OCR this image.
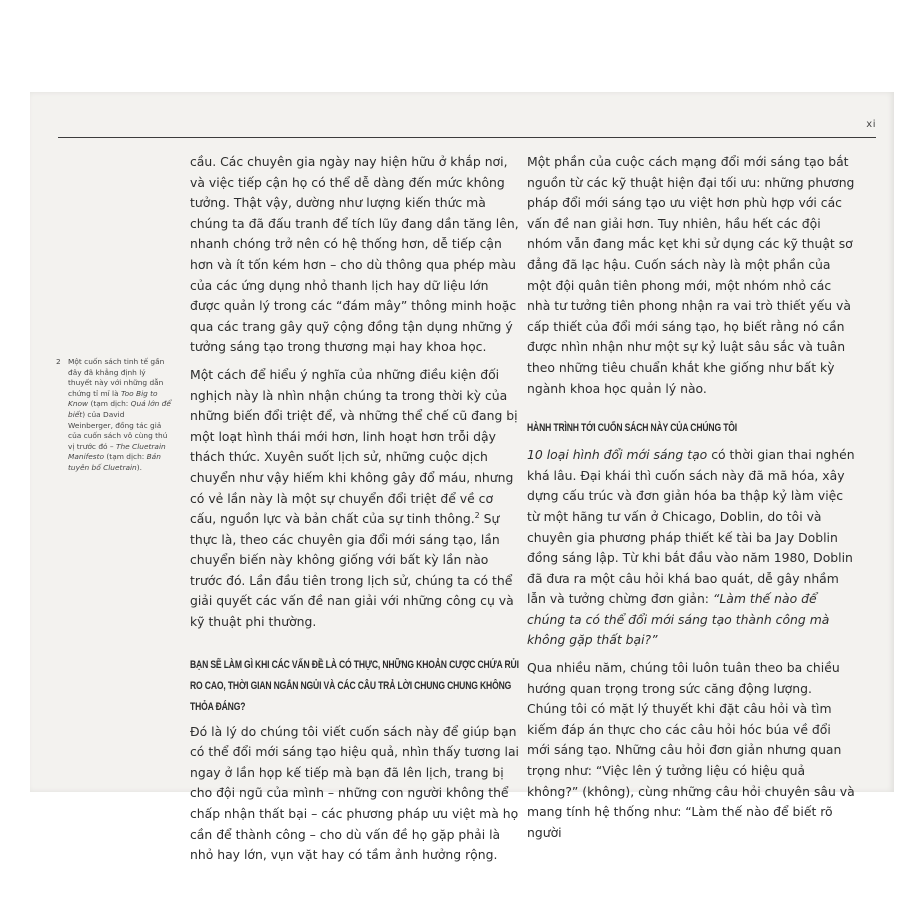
xi
2 Một cuốn sách tinh tế gần đây đã khẳng định lý thuyết này với những dẫn chứng tỉ mỉ là Too Big to Know (tạm dịch: Quá lớn để biết) của David Weinberger, đồng tác giả của cuốn sách vô cùng thú vị trước đó – The Cluetrain Manifesto (tạm dịch: Bản tuyên bố Cluetrain).

cầu. Các chuyên gia ngày nay hiện hữu ở khắp nơi, và việc tiếp cận họ có thể dễ dàng đến mức không tưởng. Thật vậy, dường như lượng kiến thức mà chúng ta đã đấu tranh để tích lũy đang dần tăng lên, nhanh chóng trở nên có hệ thống hơn, dễ tiếp cận hơn và ít tốn kém hơn – cho dù thông qua phép màu của các ứng dụng nhỏ thanh lịch hay dữ liệu lớn được quản lý trong các “đám mây” thông minh hoặc qua các trang gây quỹ cộng đồng tận dụng những ý tưởng sáng tạo trong thương mại hay khoa học.

Một cách để hiểu ý nghĩa của những điều kiện đối nghịch này là nhìn nhận chúng ta trong thời kỳ của những biến đổi triệt để, và những thể chế cũ đang bị một loạt hình thái mới hơn, linh hoạt hơn trỗi dậy thách thức. Xuyên suốt lịch sử, những cuộc dịch chuyển như vậy hiếm khi không gây đổ máu, nhưng có vẻ lần này là một sự chuyển đổi triệt để về cơ cấu, nguồn lực và bản chất của sự tinh thông.$^2$ Sự thực là, theo các chuyên gia đổi mới sáng tạo, lần chuyển biến này không giống với bất kỳ lần nào trước đó. Lần đầu tiên trong lịch sử, chúng ta có thể giải quyết các vấn đề nan giải với những công cụ và kỹ thuật phi thường.

BẠN SẼ LÀM GÌ KHI CÁC VẤN ĐỀ LÀ CÓ THỰC, NHỮNG KHOẢN CƯỢC CHỨA RỦI RO CAO, THỜI GIAN NGẮN NGỦI VÀ CÁC CÂU TRẢ LỜI CHUNG CHUNG KHÔNG THỎA ĐÁNG?

Đó là lý do chúng tôi viết cuốn sách này để giúp bạn có thể đổi mới sáng tạo hiệu quả, nhìn thấy tương lai ngay ở lần họp kế tiếp mà bạn đã lên lịch, trang bị cho đội ngũ của mình – những con người không thể chấp nhận thất bại – các phương pháp ưu việt mà họ cần để thành công – cho dù vấn đề họ gặp phải là nhỏ hay lớn, vụn vặt hay có tầm ảnh hưởng rộng.

Một phần của cuộc cách mạng đổi mới sáng tạo bắt nguồn từ các kỹ thuật hiện đại tối ưu: những phương pháp đổi mới sáng tạo ưu việt hơn phù hợp với các vấn đề nan giải hơn. Tuy nhiên, hầu hết các đội nhóm vẫn đang mắc kẹt khi sử dụng các kỹ thuật sơ đẳng đã lạc hậu. Cuốn sách này là một phần của một đội quân tiên phong mới, một nhóm nhỏ các nhà tư tưởng tiên phong nhận ra vai trò thiết yếu và cấp thiết của đổi mới sáng tạo, họ biết rằng nó cần được nhìn nhận như một sự kỷ luật sâu sắc và tuân theo những tiêu chuẩn khắt khe giống như bất kỳ ngành khoa học quản lý nào.

HÀNH TRÌNH TỚI CUỐN SÁCH NÀY CỦA CHÚNG TÔI

10 loại hình đổi mới sáng tạo có thời gian thai nghén khá lâu. Đại khái thì cuốn sách này đã mã hóa, xây dựng cấu trúc và đơn giản hóa ba thập kỷ làm việc từ một hãng tư vấn ở Chicago, Doblin, do tôi và chuyên gia phương pháp thiết kế tài ba Jay Doblin đồng sáng lập. Từ khi bắt đầu vào năm 1980, Doblin đã đưa ra một câu hỏi khá bao quát, dễ gây nhầm lẫn và tưởng chừng đơn giản: “Làm thế nào để chúng ta có thể đổi mới sáng tạo thành công mà không gặp thất bại?”

Qua nhiều năm, chúng tôi luôn tuân theo ba chiều hướng quan trọng trong sức căng động lượng. Chúng tôi có mặt lý thuyết khi đặt câu hỏi và tìm kiếm đáp án thực cho các câu hỏi hóc búa về đổi mới sáng tạo. Những câu hỏi đơn giản nhưng quan trọng như: “Việc lên ý tưởng liệu có hiệu quả không?” (không), cùng những câu hỏi chuyên sâu và mang tính hệ thống như: “Làm thế nào để biết rõ người
